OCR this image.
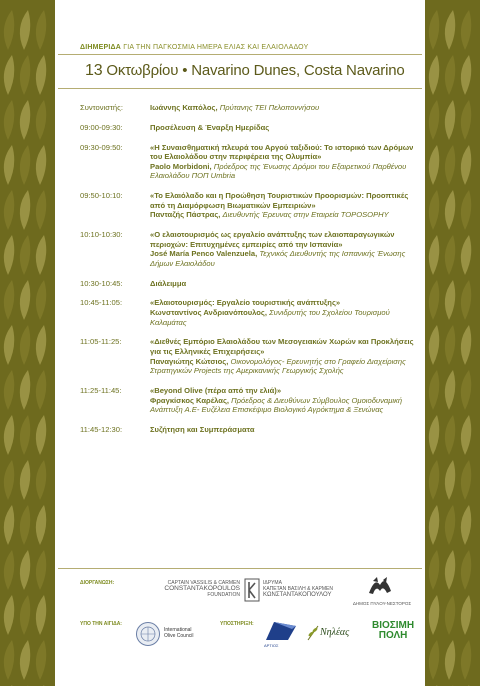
ΔΙΗΜΕΡΙΔΑ ΓΙΑ ΤΗΝ ΠΑΓΚΟΣΜΙΑ ΗΜΕΡΑ ΕΛΙΑΣ ΚΑΙ ΕΛΑΙΟΛΑΔΟΥ
13 Οκτωβρίου • Navarino Dunes, Costa Navarino
Συντονιστής:	Ιωάννης Καπόλος, Πρύτανης ΤΕΙ Πελοποννήσου
09:00-09:30:	Προσέλευση & Έναρξη Ημερίδας
09:30-09:50:	«Η Συναισθηματική πλευρά του Αργού ταξιδιού: Το ιστορικό των Δρόμων του Ελαιολάδου στην περιφέρεια της Ολυμπία»
Paolo Morbidoni, Πρόεδρος της Ένωσης Δρόμοι του Εξαιρετικού Παρθένου Ελαιολάδου ΠΟΠ Umbria
09:50-10:10:	«Το Ελαιόλαδο και η Προώθηση Τουριστικών Προορισμών: Προοπτικές από τη Διαμόρφωση Βιωματικών Εμπειριών»
Πανταζής Πάστρας, Διευθυντής Έρευνας στην Εταιρεία TOPOSOPHY
10:10-10:30:	«Ο ελαιοτουρισμός ως εργαλείο ανάπτυξης των ελαιοπαραγωγικών περιοχών: Επιτυχημένες εμπειρίες από την Ισπανία»
José María Penco Valenzuela, Τεχνικός Διευθυντής της Ισπανικής Ένωσης Δήμων Ελαιολάδου
10:30-10:45:	Διάλειμμα
10:45-11:05:	«Ελαιοτουρισμός: Εργαλείο τουριστικής ανάπτυξης»
Κωνσταντίνος Ανδριανόπουλος, Συνιδρυτής του Σχολείου Τουρισμού Καλαμάτας
11:05-11:25:	«Διεθνές Εμπόριο Ελαιολάδου των Μεσογειακών Χωρών και Προκλήσεις για τις Ελληνικές Επιχειρήσεις»
Παναγιώτης Κώτσιος, Οικονομολόγος- Ερευνητής στο Γραφείο Διαχείρισης Στρατηγικών Projects της Αμερικανικής Γεωργικής Σχολής
11:25-11:45:	«Beyond Olive (πέρα από την ελιά)»
Φραγκίσκος Καρέλας, Πρόεδρος & Διευθύνων Σύμβουλος Ομοιοδυναμική Ανάπτυξη Α.Ε- Ευζέλεια Επισκέψιμο Βιολογικό Αγρόκτημα & Ξενώνας
11:45-12:30:	Συζήτηση και Συμπεράσματα
ΔΙΟΡΓΑΝΩΣΗ:	CAPTAIN VASSILIS & CARMEN
CONSTANTAKOPOULOS
FOUNDATION
ΙΔΡΥΜΑ
ΚΑΠΕΤΑΝ ΒΑΣΙΛΗ & ΚΑΡΜΕΝ
ΚΩΝΣΤΑΝΤΑΚΟΠΟΥΛΟΥ
ΔΗΜΟΣ ΠΥΛΟΥ-ΝΕΣΤΟΡΟΣ
ΥΠΟ ΤΗΝ ΑΙΓΙΔΑ:
International
Olive Council
ΥΠΟΣΤΗΡΙΞΗ:
ΑΡΤΙΟΣ
Νηλέας
ΒΙΟΣΙΜΗ
ΠΟΛΗ
